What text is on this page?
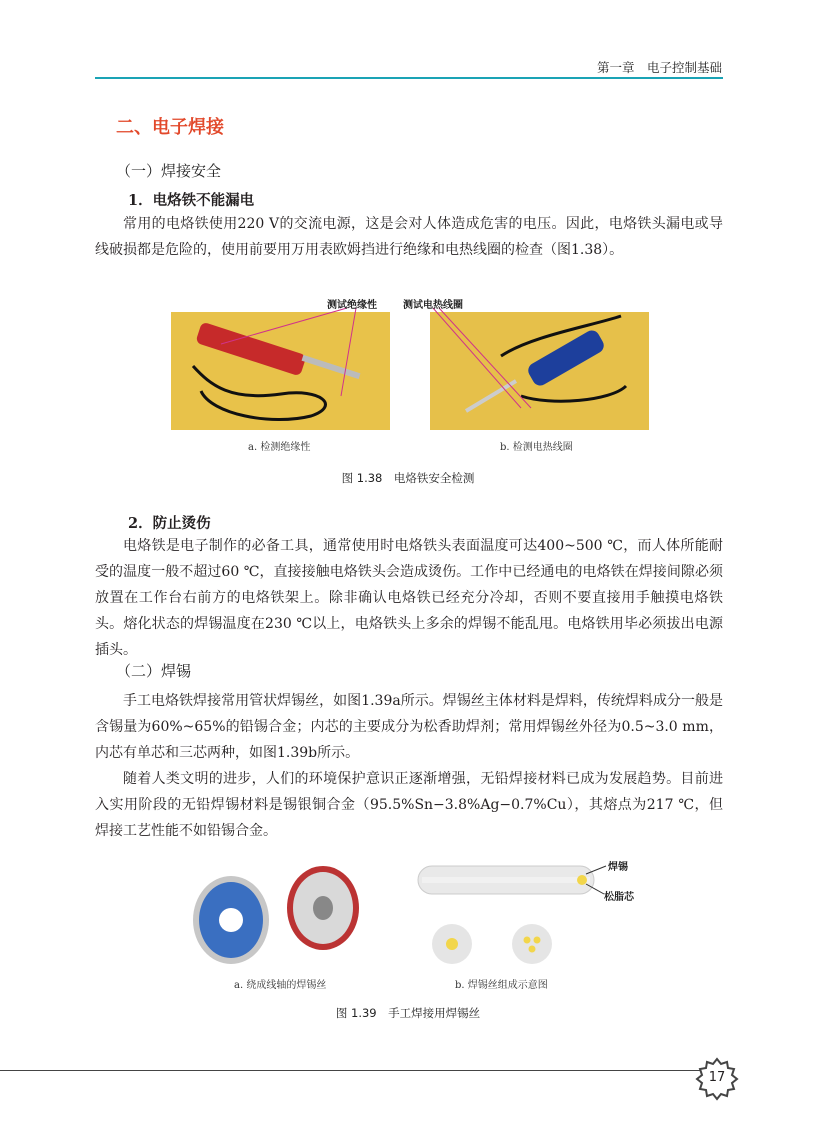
第一章　电子控制基础
二、电子焊接
（一）焊接安全
1．电烙铁不能漏电

常用的电烙铁使用220 V的交流电源，这是会对人体造成危害的电压。因此，电烙铁头漏电或导线破损都是危险的，使用前要用万用表欧姆挡进行绝缘和电热线圈的检查（图1.38）。

测试绝缘性	测试电热线圈
a. 检测绝缘性	b. 检测电热线圈
图 1.38　电烙铁安全检测
2．防止烫伤

电烙铁是电子制作的必备工具，通常使用时电烙铁头表面温度可达400~500 ℃，而人体所能耐受的温度一般不超过60 ℃，直接接触电烙铁头会造成烫伤。工作中已经通电的电烙铁在焊接间隙必须放置在工作台右前方的电烙铁架上。除非确认电烙铁已经充分冷却，否则不要直接用手触摸电烙铁头。熔化状态的焊锡温度在230 ℃以上，电烙铁头上多余的焊锡不能乱甩。电烙铁用毕必须拔出电源插头。

（二）焊锡

手工电烙铁焊接常用管状焊锡丝，如图1.39a所示。焊锡丝主体材料是焊料，传统焊料成分一般是含锡量为60%~65%的铅锡合金；内芯的主要成分为松香助焊剂；常用焊锡丝外径为0.5~3.0 mm，内芯有单芯和三芯两种，如图1.39b所示。

随着人类文明的进步，人们的环境保护意识正逐渐增强，无铅焊接材料已成为发展趋势。目前进入实用阶段的无铅焊锡材料是锡银铜合金（95.5%Sn−3.8%Ag−0.7%Cu），其熔点为217 ℃，但焊接工艺性能不如铅锡合金。

焊锡
松脂芯
a. 绕成线轴的焊锡丝	b. 焊锡丝组成示意图
图 1.39　手工焊接用焊锡丝
17
